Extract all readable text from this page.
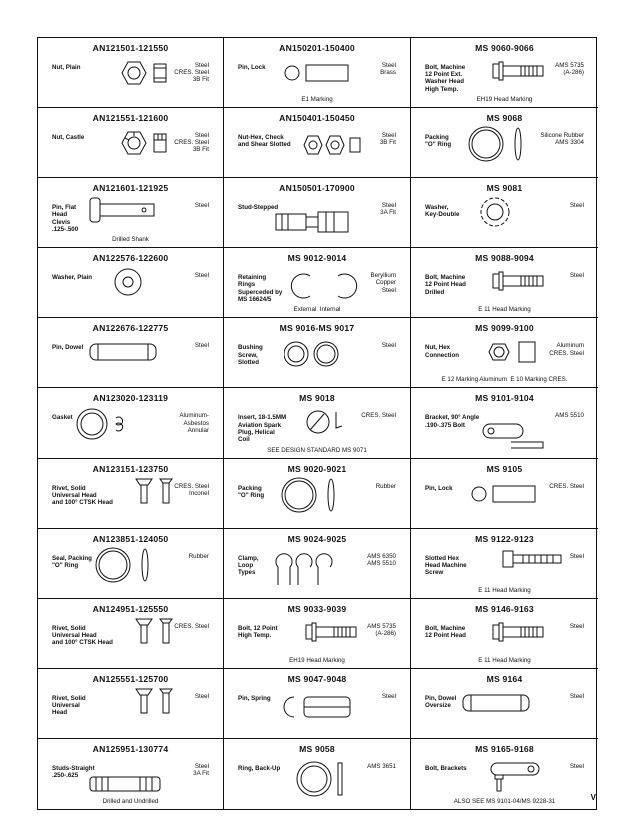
AN121501-121550
Nut, Plain	Steel
CRES. Steel
3B Fit
AN150201-150400
Pin, Lock	Steel
Brass
E1 Marking
MS 9060-9066
Bolt, Machine
12 Point Ext.
Washer Head
High Temp.
AMS 5735
(A-286)
EH19 Head Marking
AN121551-121600
Nut, Castle	Steel
CRES. Steel
3B Fit
AN150401-150450
Nut-Hex, Check
and Shear Slotted
Steel
3B Fit
MS 9068
Packing
"O" Ring
Silicone Rubber
AMS 3304
AN121601-121925
Pin, Flat
Head
Clevis
.125-.500
Steel
Drilled Shank
AN150501-170900
Stud-Stepped	Steel
3A Fit
MS 9081
Washer,
Key-Double
Steel
AN122576-122600
Washer, Plain	Steel
MS 9012-9014
Retaining
Rings
Superceded by
MS 16624/5
Beryllium
Copper
Steel
External  Internal
MS 9088-9094
Bolt, Machine
12 Point Head
Drilled
Steel
E 11 Head Marking
AN122676-122775
Pin, Dowel	Steel
MS 9016-MS 9017
Bushing
Screw,
Slotted
Steel
MS 9099-9100
Nut, Hex
Connection
Aluminum
CRES. Steel
E 12 Marking Aluminum  E 10 Marking CRES.
AN123020-123119
Gasket	Aluminum-
Asbestos
Annular
MS 9018
Insert, 18-1.5MM
Aviation Spark
Plug, Helical
Coil
CRES. Steel
SEE DESIGN STANDARD MS 9071
MS 9101-9104
Bracket, 90° Angle
.190-.375 Bolt
AMS 5510
AN123151-123750
Rivet, Solid
Universal Head
and 100° CTSK Head
CRES. Steel
Inconel
MS 9020-9021
Packing
"O" Ring
Rubber
MS 9105
Pin, Lock	CRES. Steel
AN123851-124050
Seal, Packing
"O" Ring
Rubber
MS 9024-9025
Clamp,
Loop
Types
AMS 6350
AMS 5510
MS 9122-9123
Slotted Hex
Head Machine
Screw
Steel
E 11 Head Marking
AN124951-125550
Rivet, Solid
Universal Head
and 100° CTSK Head
CRES. Steel
MS 9033-9039
Bolt, 12 Point
High Temp.
AMS 5735
(A-286)
EH19 Head Marking
MS 9146-9163
Bolt, Machine
12 Point Head
Steel
E 11 Head Marking
AN125551-125700
Rivet, Solid
Universal
Head
Steel
MS 9047-9048
Pin, Spring	Steel
MS 9164
Pin, Dowel
Oversize
Steel
AN125951-130774
Studs-Straight
.250-.625
Steel
3A Fit
Drilled and Undrilled
MS 9058
Ring, Back-Up	AMS 3651
MS 9165-9168
Bolt, Brackets	Steel
ALSO SEE MS 9101-04/MS 9228-31	V
